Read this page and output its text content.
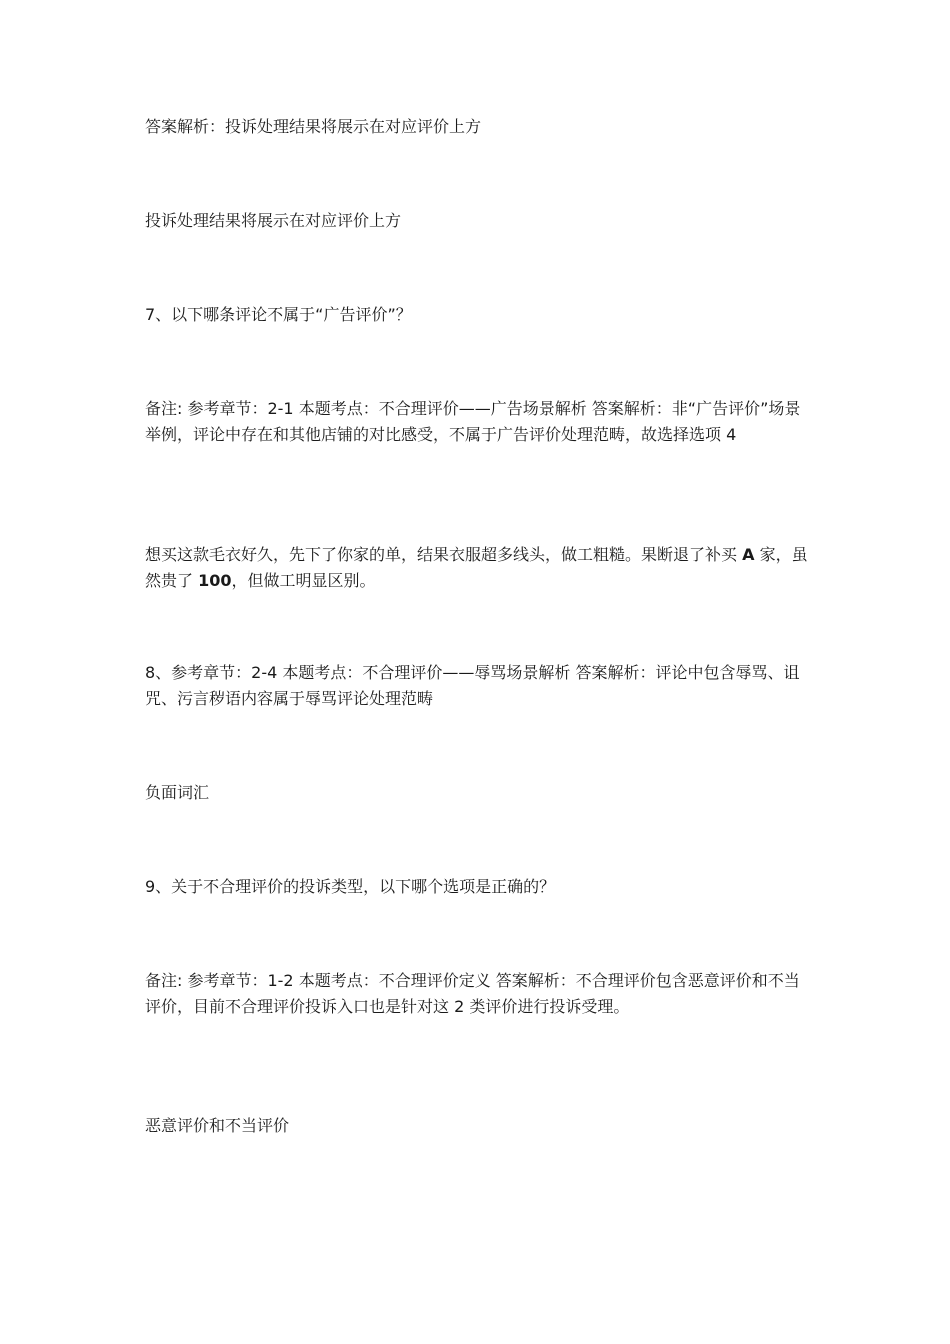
答案解析：投诉处理结果将展示在对应评价上方

投诉处理结果将展示在对应评价上方

7、以下哪条评论不属于“广告评价”？

备注: 参考章节：2-1 本题考点：不合理评价——广告场景解析 答案解析：非“广告评价”场景举例，评论中存在和其他店铺的对比感受，不属于广告评价处理范畴，故选择选项 4

想买这款毛衣好久，先下了你家的单，结果衣服超多线头，做工粗糙。果断退了补买 A 家，虽然贵了 100，但做工明显区别。

8、参考章节：2-4 本题考点：不合理评价——辱骂场景解析 答案解析：评论中包含辱骂、诅咒、污言秽语内容属于辱骂评论处理范畴

负面词汇

9、关于不合理评价的投诉类型，以下哪个选项是正确的？

备注: 参考章节：1-2 本题考点：不合理评价定义 答案解析：不合理评价包含恶意评价和不当评价，目前不合理评价投诉入口也是针对这 2 类评价进行投诉受理。

恶意评价和不当评价
